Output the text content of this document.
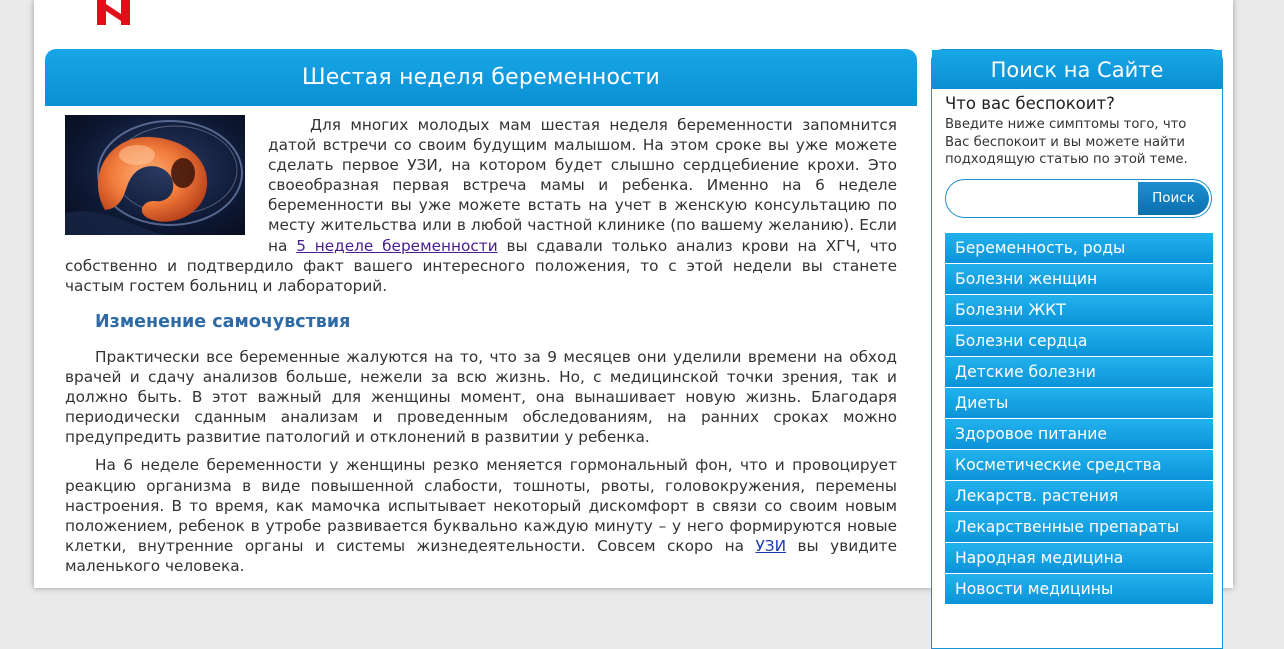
Шестая неделя беременности

Для многих молодых мам шестая неделя беременности запомнится датой встречи со своим будущим малышом. На этом сроке вы уже можете сделать первое УЗИ, на котором будет слышно сердцебиение крохи. Это своеобразная первая встреча мамы и ребенка. Именно на 6 неделе беременности вы уже можете встать на учет в женскую консультацию по месту жительства или в любой частной клинике (по вашему желанию). Если на 5 неделе беременности вы сдавали только анализ крови на ХГЧ, что собственно и подтвердило факт вашего интересного положения, то с этой недели вы станете частым гостем больниц и лабораторий.

Изменение самочувствия

Практически все беременные жалуются на то, что за 9 месяцев они уделили времени на обход врачей и сдачу анализов больше, нежели за всю жизнь. Но, с медицинской точки зрения, так и должно быть. В этот важный для женщины момент, она вынашивает новую жизнь. Благодаря периодически сданным анализам и проведенным обследованиям, на ранних сроках можно предупредить развитие патологий и отклонений в развитии у ребенка.

На 6 неделе беременности у женщины резко меняется гормональный фон, что и провоцирует реакцию организма в виде повышенной слабости, тошноты, рвоты, головокружения, перемены настроения. В то время, как мамочка испытывает некоторый дискомфорт в связи со своим новым положением, ребенок в утробе развивается буквально каждую минуту – у него формируются новые клетки, внутренние органы и системы жизнедеятельности. Совсем скоро на УЗИ вы увидите маленького человека.

Поиск на Сайте
Что вас беспокоит?
Введите ниже симптомы того, что Вас беспокоит и вы можете найти подходящую статью по этой теме.
Поиск
Беременность, роды
Болезни женщин
Болезни ЖКТ
Болезни сердца
Детские болезни
Диеты
Здоровое питание
Косметические средства
Лекарств. растения
Лекарственные препараты
Народная медицина
Новости медицины
